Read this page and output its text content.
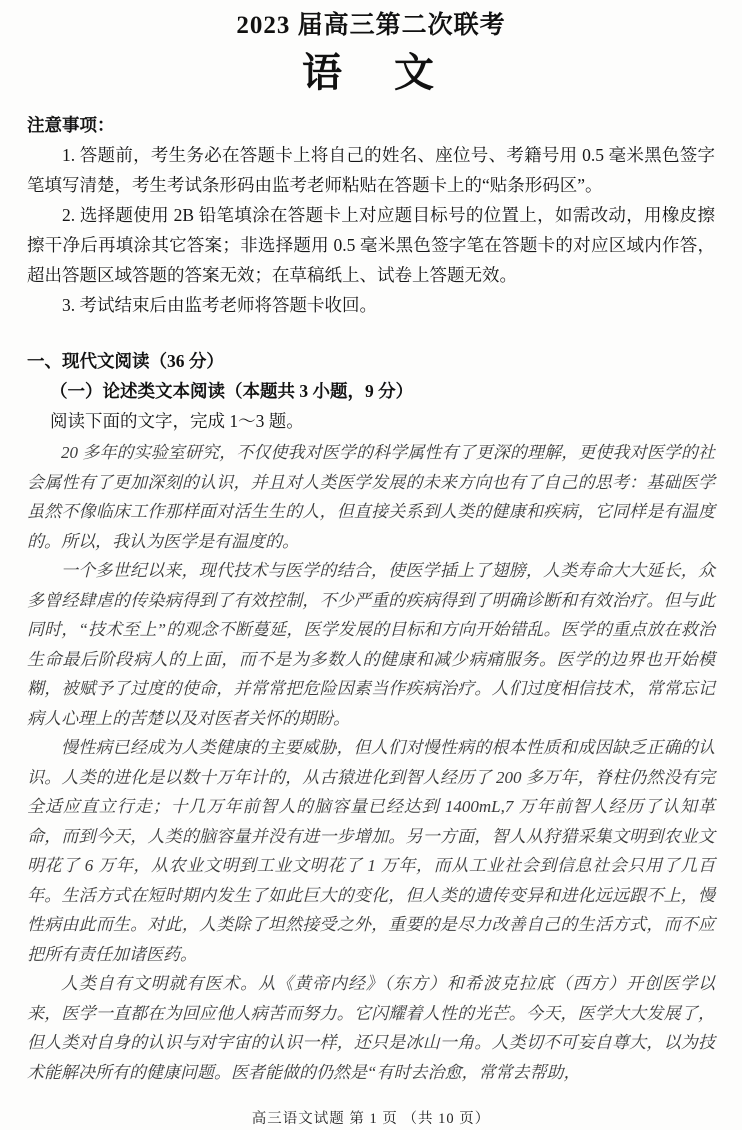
2023 届高三第二次联考
语　文
注意事项：

1. 答题前，考生务必在答题卡上将自己的姓名、座位号、考籍号用 0.5 毫米黑色签字笔填写清楚，考生考试条形码由监考老师粘贴在答题卡上的“贴条形码区”。

2. 选择题使用 2B 铅笔填涂在答题卡上对应题目标号的位置上，如需改动，用橡皮擦擦干净后再填涂其它答案；非选择题用 0.5 毫米黑色签字笔在答题卡的对应区域内作答，超出答题区域答题的答案无效；在草稿纸上、试卷上答题无效。

3. 考试结束后由监考老师将答题卡收回。

一、现代文阅读（36 分）
（一）论述类文本阅读（本题共 3 小题，9 分）
阅读下面的文字，完成 1～3 题。

20 多年的实验室研究，不仅使我对医学的科学属性有了更深的理解，更使我对医学的社会属性有了更加深刻的认识，并且对人类医学发展的未来方向也有了自己的思考：基础医学虽然不像临床工作那样面对活生生的人，但直接关系到人类的健康和疾病，它同样是有温度的。所以，我认为医学是有温度的。

一个多世纪以来，现代技术与医学的结合，使医学插上了翅膀，人类寿命大大延长，众多曾经肆虐的传染病得到了有效控制，不少严重的疾病得到了明确诊断和有效治疗。但与此同时，“技术至上”的观念不断蔓延，医学发展的目标和方向开始错乱。医学的重点放在救治生命最后阶段病人的上面，而不是为多数人的健康和减少病痛服务。医学的边界也开始模糊，被赋予了过度的使命，并常常把危险因素当作疾病治疗。人们过度相信技术，常常忘记病人心理上的苦楚以及对医者关怀的期盼。

慢性病已经成为人类健康的主要威胁，但人们对慢性病的根本性质和成因缺乏正确的认识。人类的进化是以数十万年计的，从古猿进化到智人经历了 200 多万年，脊柱仍然没有完全适应直立行走；十几万年前智人的脑容量已经达到 1400mL,7 万年前智人经历了认知革命，而到今天，人类的脑容量并没有进一步增加。另一方面，智人从狩猎采集文明到农业文明花了 6 万年，从农业文明到工业文明花了 1 万年，而从工业社会到信息社会只用了几百年。生活方式在短时期内发生了如此巨大的变化，但人类的遗传变异和进化远远跟不上，慢性病由此而生。对此，人类除了坦然接受之外，重要的是尽力改善自己的生活方式，而不应把所有责任加诸医药。

人类自有文明就有医术。从《黄帝内经》（东方）和希波克拉底（西方）开创医学以来，医学一直都在为回应他人病苦而努力。它闪耀着人性的光芒。今天，医学大大发展了，但人类对自身的认识与对宇宙的认识一样，还只是冰山一角。人类切不可妄自尊大，以为技术能解决所有的健康问题。医者能做的仍然是“有时去治愈，常常去帮助，

高三语文试题 第 1 页 （共 10 页）
